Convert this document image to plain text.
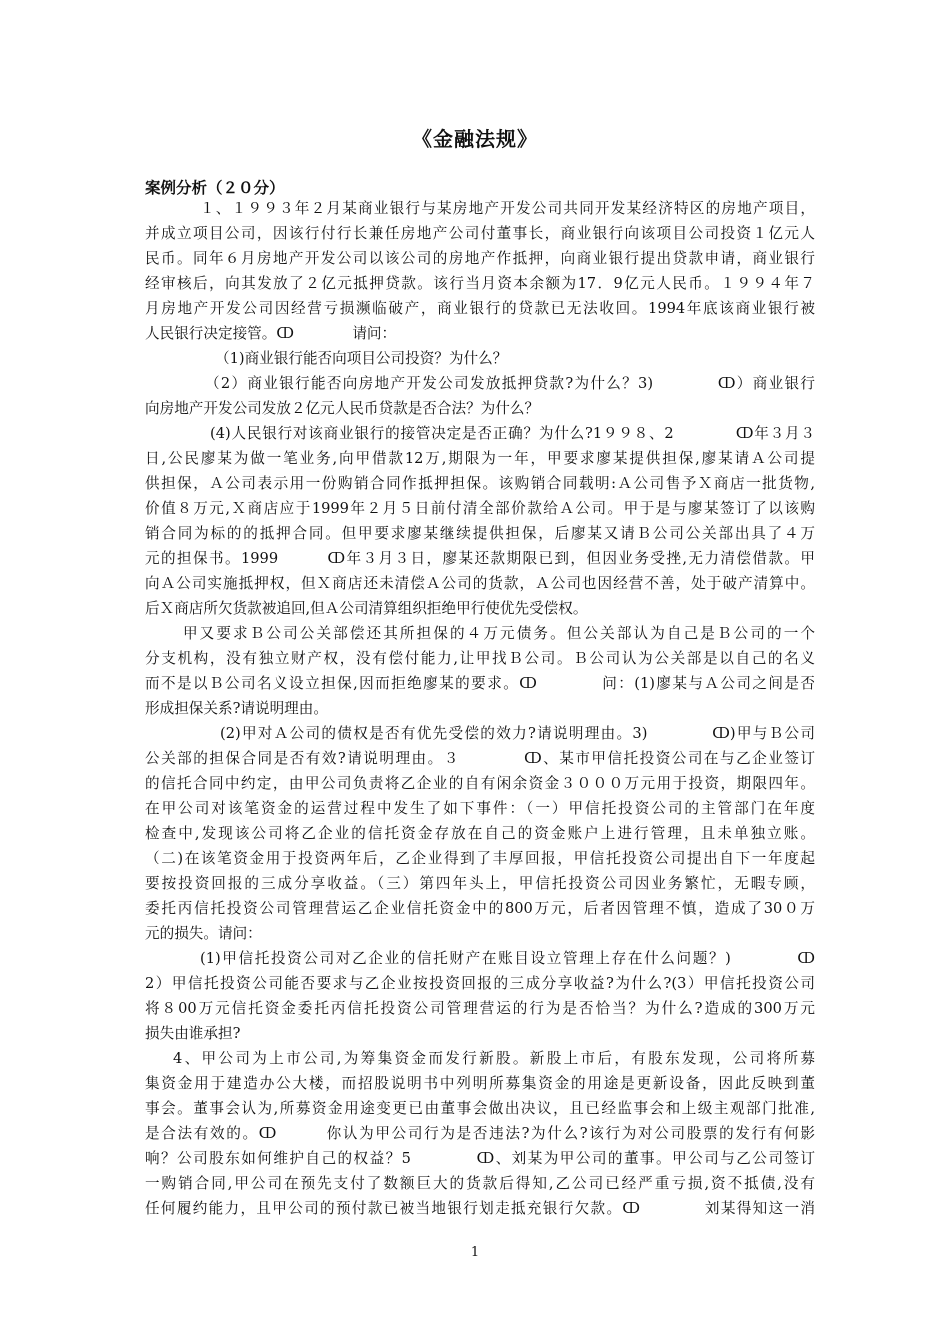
《金融法规》
案例分析（２０分）
１、１９９３年２月某商业银行与某房地产开发公司共同开发某经济特区的房地产项目，
并成立项目公司，因该行付行长兼任房地产公司付董事长，商业银行向该项目公司投资１亿元人
民币。同年６月房地产开发公司以该公司的房地产作抵押，向商业银行提出贷款申请，商业银行
经审核后，向其发放了２亿元抵押贷款。该行当月资本余额为17．9亿元人民币。１９９４年７
月房地产开发公司因经营亏损濒临破产，商业银行的贷款已无法收回。1994年底该商业银行被
人民银行决定接管。ↀ　　　　请问：
（1)商业银行能否向项目公司投资？为什么？
（2）商业银行能否向房地产开发公司发放抵押贷款?为什么？3)　　　　ↀ）商业银行
向房地产开发公司发放２亿元人民币贷款是否合法？为什么？
(4)人民银行对该商业银行的接管决定是否正确？为什么?1９９８、2　　　　ↀ年３月３
日,公民廖某为做一笔业务,向甲借款12万,期限为一年，甲要求廖某提供担保,廖某请Ａ公司提
供担保，Ａ公司表示用一份购销合同作抵押担保。该购销合同载明:Ａ公司售予Ｘ商店一批货物,
价值８万元,Ｘ商店应于1999年２月５日前付清全部价款给Ａ公司。甲于是与廖某签订了以该购
销合同为标的的抵押合同。但甲要求廖某继续提供担保，后廖某又请Ｂ公司公关部出具了４万
元的担保书。1999　　　ↀ年３月３日，廖某还款期限已到，但因业务受挫,无力清偿借款。甲
向Ａ公司实施抵押权，但Ｘ商店还未清偿Ａ公司的货款，Ａ公司也因经营不善，处于破产清算中。
后Ｘ商店所欠货款被追回,但Ａ公司清算组织拒绝甲行使优先受偿权。
甲又要求Ｂ公司公关部偿还其所担保的４万元债务。但公关部认为自己是Ｂ公司的一个
分支机构，没有独立财产权，没有偿付能力,让甲找Ｂ公司。Ｂ公司认为公关部是以自己的名义
而不是以Ｂ公司名义设立担保,因而拒绝廖某的要求。ↀ　　　　问：(1)廖某与Ａ公司之间是否
形成担保关系?请说明理由。
(2)甲对Ａ公司的债权是否有优先受偿的效力?请说明理由。3)　　　　ↀ)甲与Ｂ公司
公关部的担保合同是否有效?请说明理由。３　　　　ↀ、某市甲信托投资公司在与乙企业签订
的信托合同中约定，由甲公司负责将乙企业的自有闲余资金３０００万元用于投资，期限四年。
在甲公司对该笔资金的运营过程中发生了如下事件：（一）甲信托投资公司的主管部门在年度
检查中,发现该公司将乙企业的信托资金存放在自己的资金账户上进行管理，且未单独立账。
（二)在该笔资金用于投资两年后，乙企业得到了丰厚回报，甲信托投资公司提出自下一年度起
要按投资回报的三成分享收益。（三）第四年头上，甲信托投资公司因业务繁忙，无暇专顾，
委托丙信托投资公司管理营运乙企业信托资金中的800万元，后者因管理不慎，造成了30０万
元的损失。请问：
(1)甲信托投资公司对乙企业的信托财产在账目设立管理上存在什么问题？)　　　　ↀ
2）甲信托投资公司能否要求与乙企业按投资回报的三成分享收益?为什么?(3）甲信托投资公司
将８00万元信托资金委托丙信托投资公司管理营运的行为是否恰当？为什么?造成的300万元
损失由谁承担?
4、甲公司为上市公司,为筹集资金而发行新股。新股上市后，有股东发现，公司将所募
集资金用于建造办公大楼，而招股说明书中列明所募集资金的用途是更新设备，因此反映到董
事会。董事会认为,所募资金用途变更已由董事会做出决议，且已经监事会和上级主观部门批准,
是合法有效的。ↀ　　　你认为甲公司行为是否违法?为什么?该行为对公司股票的发行有何影
响？公司股东如何维护自己的权益？5　　　　ↀ、刘某为甲公司的董事。甲公司与乙公司签订
一购销合同,甲公司在预先支付了数额巨大的货款后得知,乙公司已经严重亏损,资不抵债,没有
任何履约能力，且甲公司的预付款已被当地银行划走抵充银行欠款。ↀ　　　　刘某得知这一消
1
